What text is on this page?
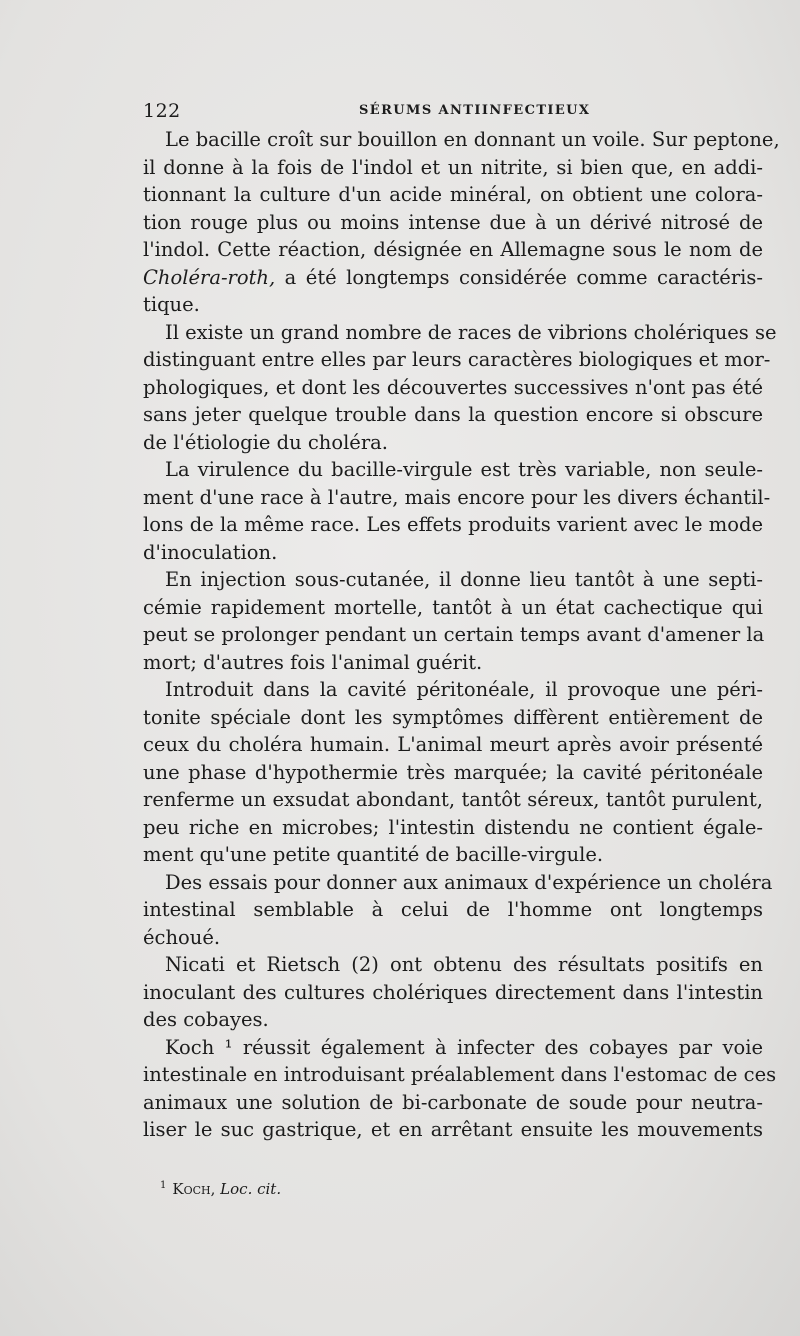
122	SÉRUMS ANTIINFECTIEUX
Le bacille croît sur bouillon en donnant un voile. Sur peptone,
il donne à la fois de l'indol et un nitrite, si bien que, en addi-
tionnant la culture d'un acide minéral, on obtient une colora-
tion rouge plus ou moins intense due à un dérivé nitrosé de
l'indol. Cette réaction, désignée en Allemagne sous le nom de
Choléra-roth, a été longtemps considérée comme caractéris-
tique.
Il existe un grand nombre de races de vibrions cholériques se
distinguant entre elles par leurs caractères biologiques et mor-
phologiques, et dont les découvertes successives n'ont pas été
sans jeter quelque trouble dans la question encore si obscure
de l'étiologie du choléra.
La virulence du bacille-virgule est très variable, non seule-
ment d'une race à l'autre, mais encore pour les divers échantil-
lons de la même race. Les effets produits varient avec le mode
d'inoculation.
En injection sous-cutanée, il donne lieu tantôt à une septi-
cémie rapidement mortelle, tantôt à un état cachectique qui
peut se prolonger pendant un certain temps avant d'amener la
mort; d'autres fois l'animal guérit.
Introduit dans la cavité péritonéale, il provoque une péri-
tonite spéciale dont les symptômes diffèrent entièrement de
ceux du choléra humain. L'animal meurt après avoir présenté
une phase d'hypothermie très marquée; la cavité péritonéale
renferme un exsudat abondant, tantôt séreux, tantôt purulent,
peu riche en microbes; l'intestin distendu ne contient égale-
ment qu'une petite quantité de bacille-virgule.
Des essais pour donner aux animaux d'expérience un choléra
intestinal semblable à celui de l'homme ont longtemps
échoué.
Nicati et Rietsch (2) ont obtenu des résultats positifs en
inoculant des cultures cholériques directement dans l'intestin
des cobayes.
Koch ¹ réussit également à infecter des cobayes par voie
intestinale en introduisant préalablement dans l'estomac de ces
animaux une solution de bi-carbonate de soude pour neutra-
liser le suc gastrique, et en arrêtant ensuite les mouvements
$^1$ Koch, Loc. cit.
